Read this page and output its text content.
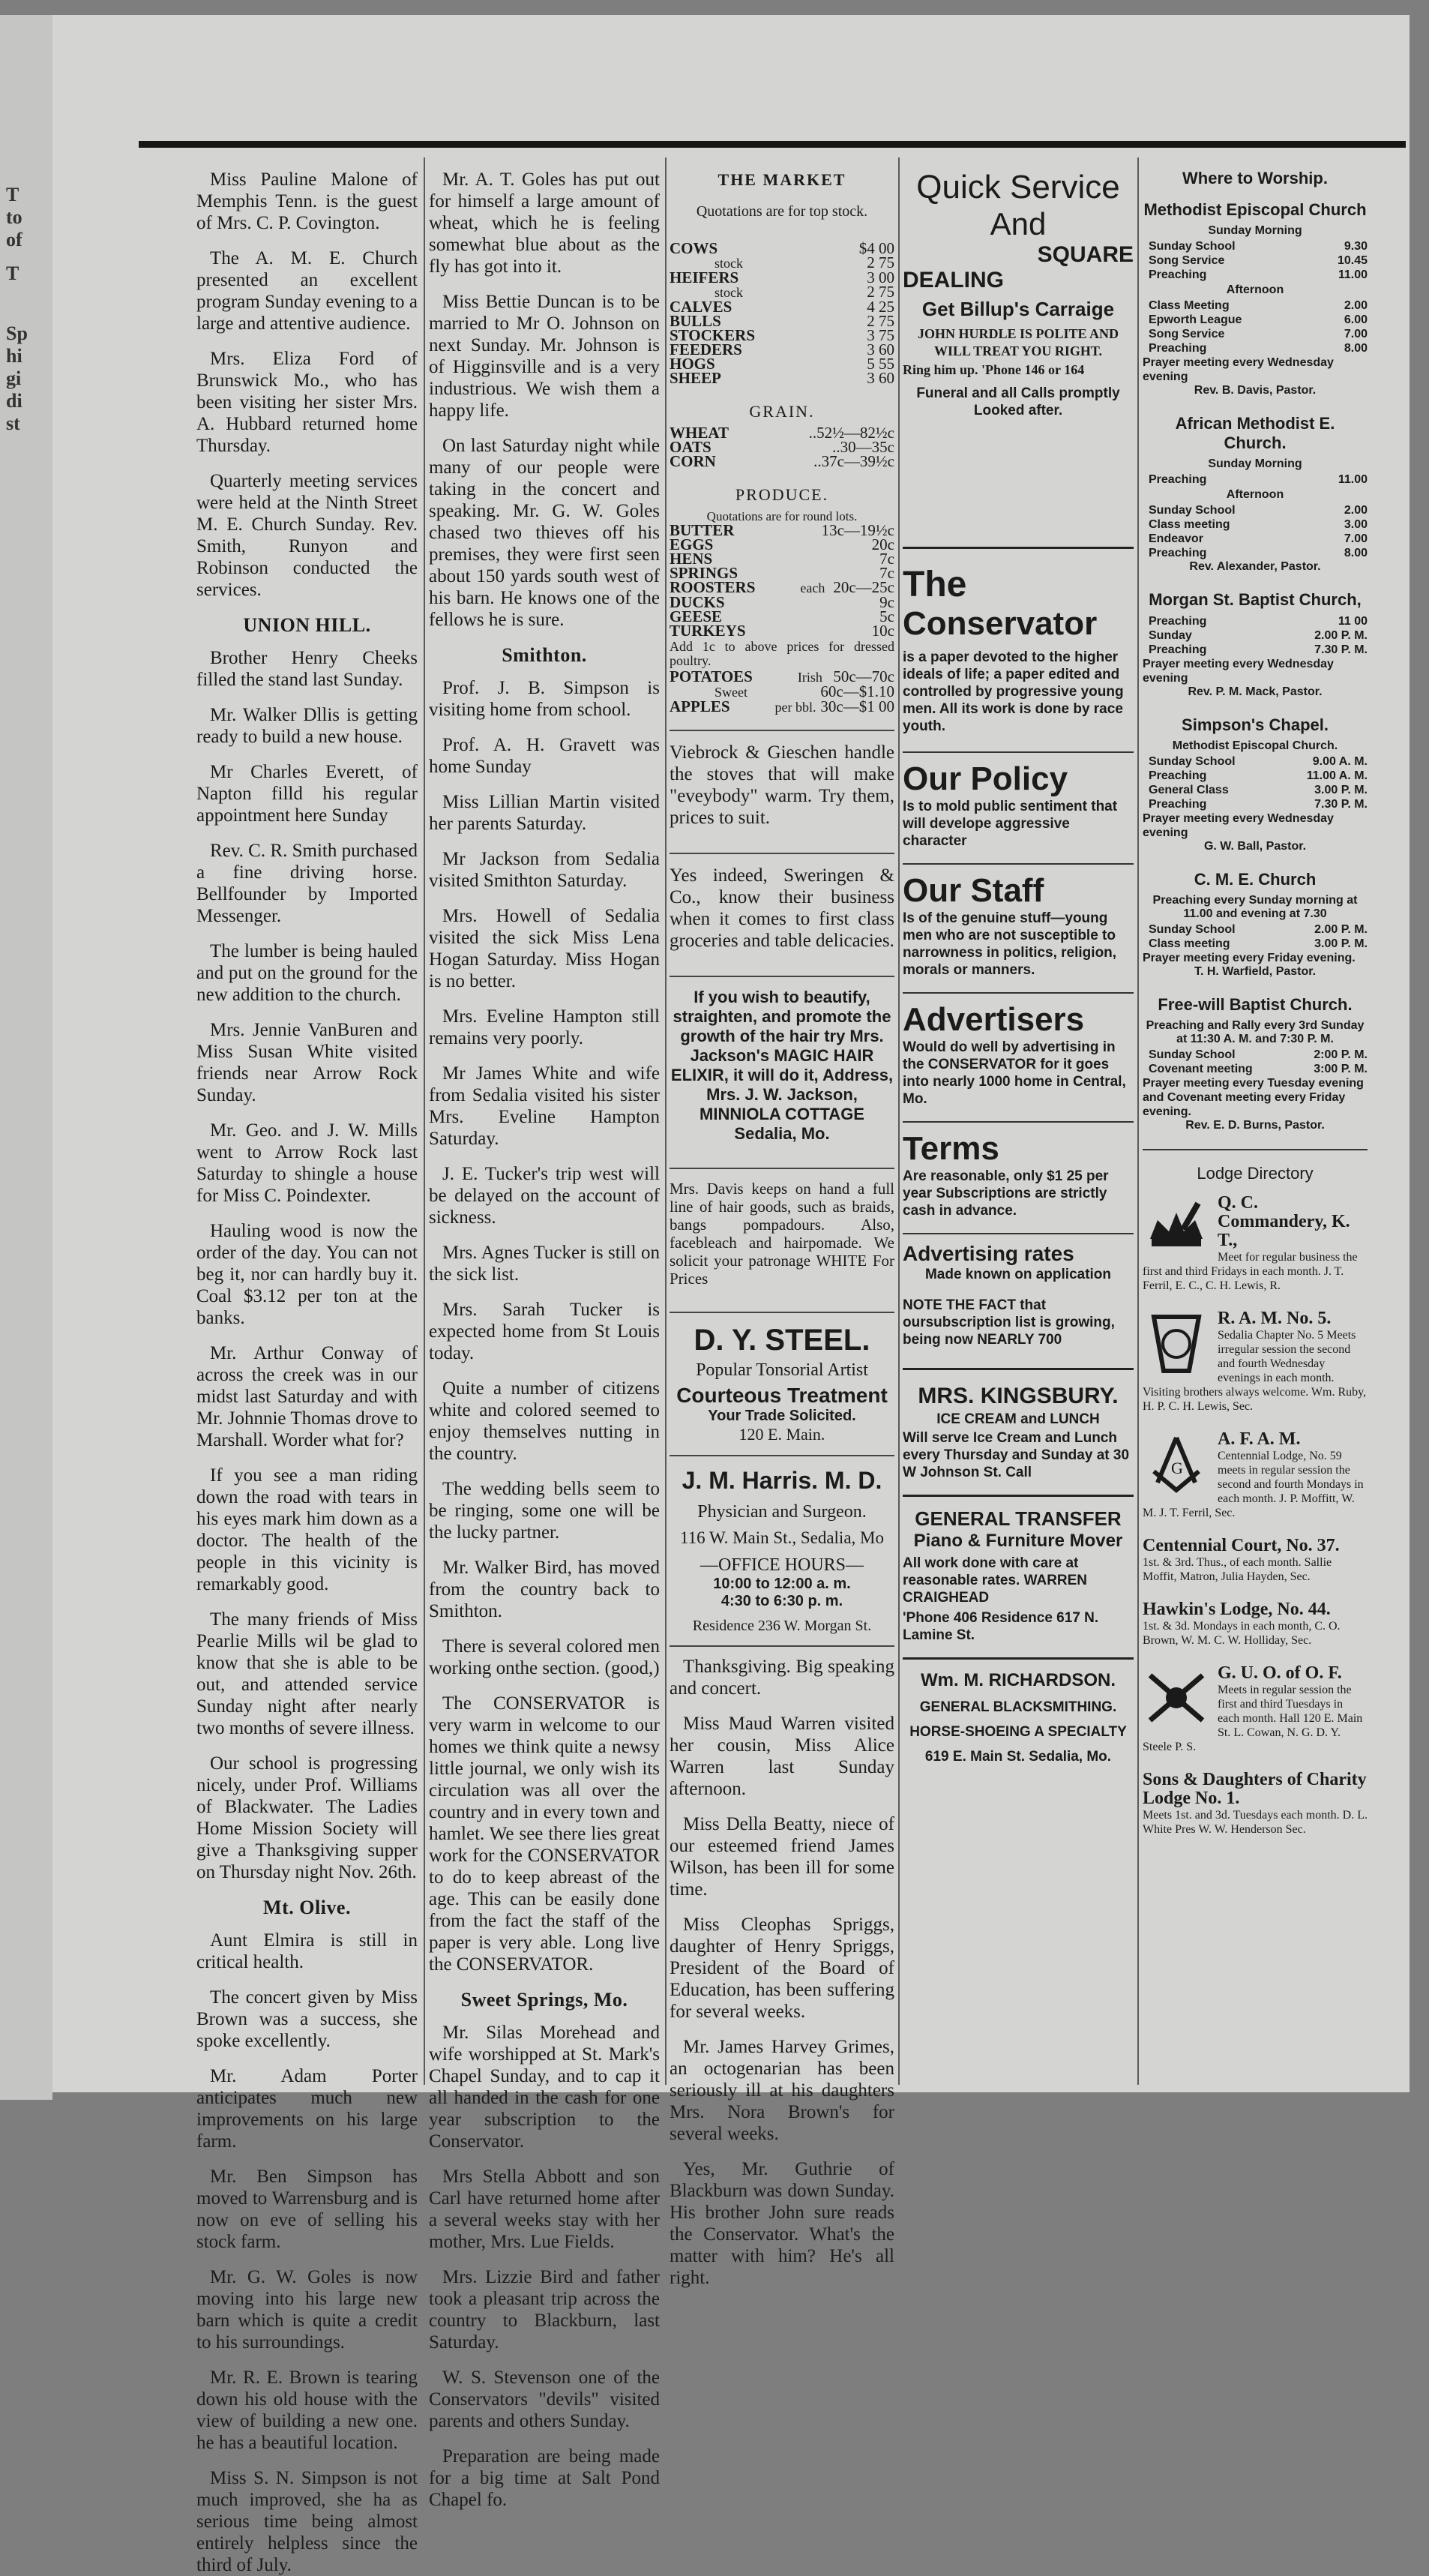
T
to
of
T
Sp
hi
gi
di
st

Miss Pauline Malone of Memphis Tenn. is the guest of Mrs. C. P. Covington.

The A. M. E. Church presented an excellent program Sunday evening to a large and attentive audience.

Mrs. Eliza Ford of Brunswick Mo., who has been visiting her sister Mrs. A. Hubbard returned home Thursday.

Quarterly meeting services were held at the Ninth Street M. E. Church Sunday. Rev. Smith, Runyon and Robinson conducted the services.

UNION HILL.

Brother Henry Cheeks filled the stand last Sunday.

Mr. Walker Dllis is getting ready to build a new house.

Mr Charles Everett, of Napton filld his regular appointment here Sunday

Rev. C. R. Smith purchased a fine driving horse. Bellfounder by Imported Messenger.

The lumber is being hauled and put on the ground for the new addition to the church.

Mrs. Jennie VanBuren and Miss Susan White visited friends near Arrow Rock Sunday.

Mr. Geo. and J. W. Mills went to Arrow Rock last Saturday to shingle a house for Miss C. Poindexter.

Hauling wood is now the order of the day. You can not beg it, nor can hardly buy it. Coal $3.12 per ton at the banks.

Mr. Arthur Conway of across the creek was in our midst last Saturday and with Mr. Johnnie Thomas drove to Marshall. Worder what for?

If you see a man riding down the road with tears in his eyes mark him down as a doctor. The health of the people in this vicinity is remarkably good.

The many friends of Miss Pearlie Mills wil be glad to know that she is able to be out, and attended service Sunday night after nearly two months of severe illness.

Our school is progressing nicely, under Prof. Williams of Blackwater. The Ladies Home Mission Society will give a Thanksgiving supper on Thursday night Nov. 26th.

Mt. Olive.

Aunt Elmira is still in critical health.

The concert given by Miss Brown was a success, she spoke excellently.

Mr. Adam Porter anticipates much new improvements on his large farm.

Mr. Ben Simpson has moved to Warrensburg and is now on eve of selling his stock farm.

Mr. G. W. Goles is now moving into his large new barn which is quite a credit to his surroundings.

Mr. R. E. Brown is tearing down his old house with the view of building a new one. he has a beautiful location.

Miss S. N. Simpson is not much improved, she ha as serious time being almost entirely helpless since the third of July.

Mr. A. T. Goles has put out for himself a large amount of wheat, which he is feeling somewhat blue about as the fly has got into it.

Miss Bettie Duncan is to be married to Mr O. Johnson on next Sunday. Mr. Johnson is of Higginsville and is a very industrious. We wish them a happy life.

On last Saturday night while many of our people were taking in the concert and speaking. Mr. G. W. Goles chased two thieves off his premises, they were first seen about 150 yards south west of his barn. He knows one of the fellows he is sure.

Smithton.

Prof. J. B. Simpson is visiting home from school.

Prof. A. H. Gravett was home Sunday

Miss Lillian Martin visited her parents Saturday.

Mr Jackson from Sedalia visited Smithton Saturday.

Mrs. Howell of Sedalia visited the sick Miss Lena Hogan Saturday. Miss Hogan is no better.

Mrs. Eveline Hampton still remains very poorly.

Mr James White and wife from Sedalia visited his sister Mrs. Eveline Hampton Saturday.

J. E. Tucker's trip west will be delayed on the account of sickness.

Mrs. Agnes Tucker is still on the sick list.

Mrs. Sarah Tucker is expected home from St Louis today.

Quite a number of citizens white and colored seemed to enjoy themselves nutting in the country.

The wedding bells seem to be ringing, some one will be the lucky partner.

Mr. Walker Bird, has moved from the country back to Smithton.

There is several colored men working onthe section. (good,)

The CONSERVATOR is very warm in welcome to our homes we think quite a newsy little journal, we only wish its circulation was all over the country and in every town and hamlet. We see there lies great work for the CONSERVATOR to do to keep abreast of the age. This can be easily done from the fact the staff of the paper is very able. Long live the CONSERVATOR.

Sweet Springs, Mo.

Mr. Silas Morehead and wife worshipped at St. Mark's Chapel Sunday, and to cap it all handed in the cash for one year subscription to the Conservator.

Mrs Stella Abbott and son Carl have returned home after a several weeks stay with her mother, Mrs. Lue Fields.

Mrs. Lizzie Bird and father took a pleasant trip across the country to Blackburn, last Saturday.

W. S. Stevenson one of the Conservators "devils" visited parents and others Sunday.

Preparation are being made for a big time at Salt Pond Chapel fo.

THE MARKET
Quotations are for top stock.
COWS	$4 00
stock	2 75
HEIFERS	3 00
stock	2 75
CALVES	4 25
BULLS	2 75
STOCKERS	3 75
FEEDERS	3 60
HOGS	5 55
SHEEP	3 60
GRAIN.
WHEAT	..52½—82½c
OATS	..30—35c
CORN	..37c—39½c
PRODUCE.
Quotations are for round lots.
BUTTER	13c—19½c
EGGS	20c
HENS	7c
SPRINGS	7c
ROOSTERS	each 20c—25c
DUCKS	9c
GEESE	5c
TURKEYS	10c

Add 1c to above prices for dressed poultry.

POTATOES	Irish 50c—70c
Sweet	60c—$1.10
APPLES	per bbl. 30c—$1 00

Viebrock & Gieschen handle the stoves that will make "eveybody" warm. Try them, prices to suit.

Yes indeed, Sweringen & Co., know their business when it comes to first class groceries and table delicacies.

If you wish to beautify, straighten, and promote the growth of the hair try Mrs. Jackson's MAGIC HAIR ELIXIR, it will do it, Address, Mrs. J. W. Jackson, MINNIOLA COTTAGE Sedalia, Mo.

Mrs. Davis keeps on hand a full line of hair goods, such as braids, bangs pompadours. Also, facebleach and hairpomade. We solicit your patronage WHITE For Prices

D. Y. STEEL.
Popular Tonsorial Artist
Courteous Treatment
Your Trade Solicited.
120 E. Main.
J. M. Harris. M. D.
Physician and Surgeon.
116 W. Main St., Sedalia, Mo
—OFFICE HOURS—
10:00 to 12:00 a. m.
4:30 to 6:30 p. m.
Residence 236 W. Morgan St.

Thanksgiving. Big speaking and concert.

Miss Maud Warren visited her cousin, Miss Alice Warren last Sunday afternoon.

Miss Della Beatty, niece of our esteemed friend James Wilson, has been ill for some time.

Miss Cleophas Spriggs, daughter of Henry Spriggs, President of the Board of Education, has been suffering for several weeks.

Mr. James Harvey Grimes, an octogenarian has been seriously ill at his daughters Mrs. Nora Brown's for several weeks.

Yes, Mr. Guthrie of Blackburn was down Sunday. His brother John sure reads the Conservator. What's the matter with him? He's all right.

Quick Service
And
SQUARE
DEALING
Get Billup's Carraige

JOHN HURDLE IS POLITE AND WILL TREAT YOU RIGHT.

Ring him up. 'Phone 146 or 164

Funeral and all Calls promptly Looked after.

The
Conservator

is a paper devoted to the higher ideals of life; a paper edited and controlled by progressive young men. All its work is done by race youth.

Our Policy

Is to mold public sentiment that will develope aggressive character

Our Staff

Is of the genuine stuff—young men who are not susceptible to narrowness in politics, religion, morals or manners.

Advertisers

Would do well by advertising in the CONSERVATOR for it goes into nearly 1000 home in Central, Mo.

Terms

Are reasonable, only $1 25 per year Subscriptions are strictly cash in advance.

Advertising rates

Made known on application

NOTE THE FACT that oursubscription list is growing, being now NEARLY 700

MRS. KINGSBURY.

ICE CREAM and LUNCH

Will serve Ice Cream and Lunch every Thursday and Sunday at 30 W Johnson St. Call

GENERAL TRANSFER
Piano & Furniture Mover

All work done with care at reasonable rates. WARREN CRAIGHEAD

'Phone 406 Residence 617 N. Lamine St.

Wm. M. RICHARDSON.

GENERAL BLACKSMITHING.

HORSE-SHOEING A SPECIALTY

619 E. Main St. Sedalia, Mo.

Where to Worship.
Methodist Episcopal Church
Sunday Morning
Sunday School	9.30
Song Service	10.45
Preaching	11.00
Afternoon
Class Meeting	2.00
Epworth League	6.00
Song Service	7.00
Preaching	8.00
Prayer meeting every Wednesday evening
Rev. B. Davis, Pastor.
African Methodist E. Church.
Sunday Morning
Preaching	11.00
Afternoon
Sunday School	2.00
Class meeting	3.00
Endeavor	7.00
Preaching	8.00
Rev. Alexander, Pastor.
Morgan St. Baptist Church,
Preaching	11 00
Sunday	2.00 P. M.
Preaching	7.30 P. M.
Prayer meeting every Wednesday evening
Rev. P. M. Mack, Pastor.
Simpson's Chapel.
Methodist Episcopal Church.
Sunday School	9.00 A. M.
Preaching	11.00 A. M.
General Class	3.00 P. M.
Preaching	7.30 P. M.
Prayer meeting every Wednesday evening
G. W. Ball, Pastor.
C. M. E. Church
Preaching every Sunday morning at 11.00 and evening at 7.30
Sunday School	2.00 P. M.
Class meeting	3.00 P. M.
Prayer meeting every Friday evening.
T. H. Warfield, Pastor.
Free-will Baptist Church.
Preaching and Rally every 3rd Sunday at 11:30 A. M. and 7:30 P. M.
Sunday School	2:00 P. M.
Covenant meeting	3:00 P. M.
Prayer meeting every Tuesday evening and Covenant meeting every Friday evening.
Rev. E. D. Burns, Pastor.
Lodge Directory
Q. C. Commandery, K. T.,
Meet for regular business the first and third Fridays in each month. J. T. Ferril, E. C., C. H. Lewis, R.
R. A. M. No. 5.
Sedalia Chapter No. 5 Meets irregular session the second and fourth Wednesday evenings in each month. Visiting brothers always welcome. Wm. Ruby, H. P. C. H. Lewis, Sec.
G
A. F. A. M.
Centennial Lodge, No. 59 meets in regular session the second and fourth Mondays in each month. J. P. Moffitt, W. M. J. T. Ferril, Sec.
Centennial Court, No. 37.
1st. & 3rd. Thus., of each month. Sallie Moffit, Matron, Julia Hayden, Sec.
Hawkin's Lodge, No. 44.
1st. & 3d. Mondays in each month, C. O. Brown, W. M. C. W. Holliday, Sec.
G. U. O. of O. F.
Meets in regular session the first and third Tuesdays in each month. Hall 120 E. Main St. L. Cowan, N. G. D. Y. Steele P. S.
Sons & Daughters of Charity Lodge No. 1.
Meets 1st. and 3d. Tuesdays each month. D. L. White Pres W. W. Henderson Sec.
